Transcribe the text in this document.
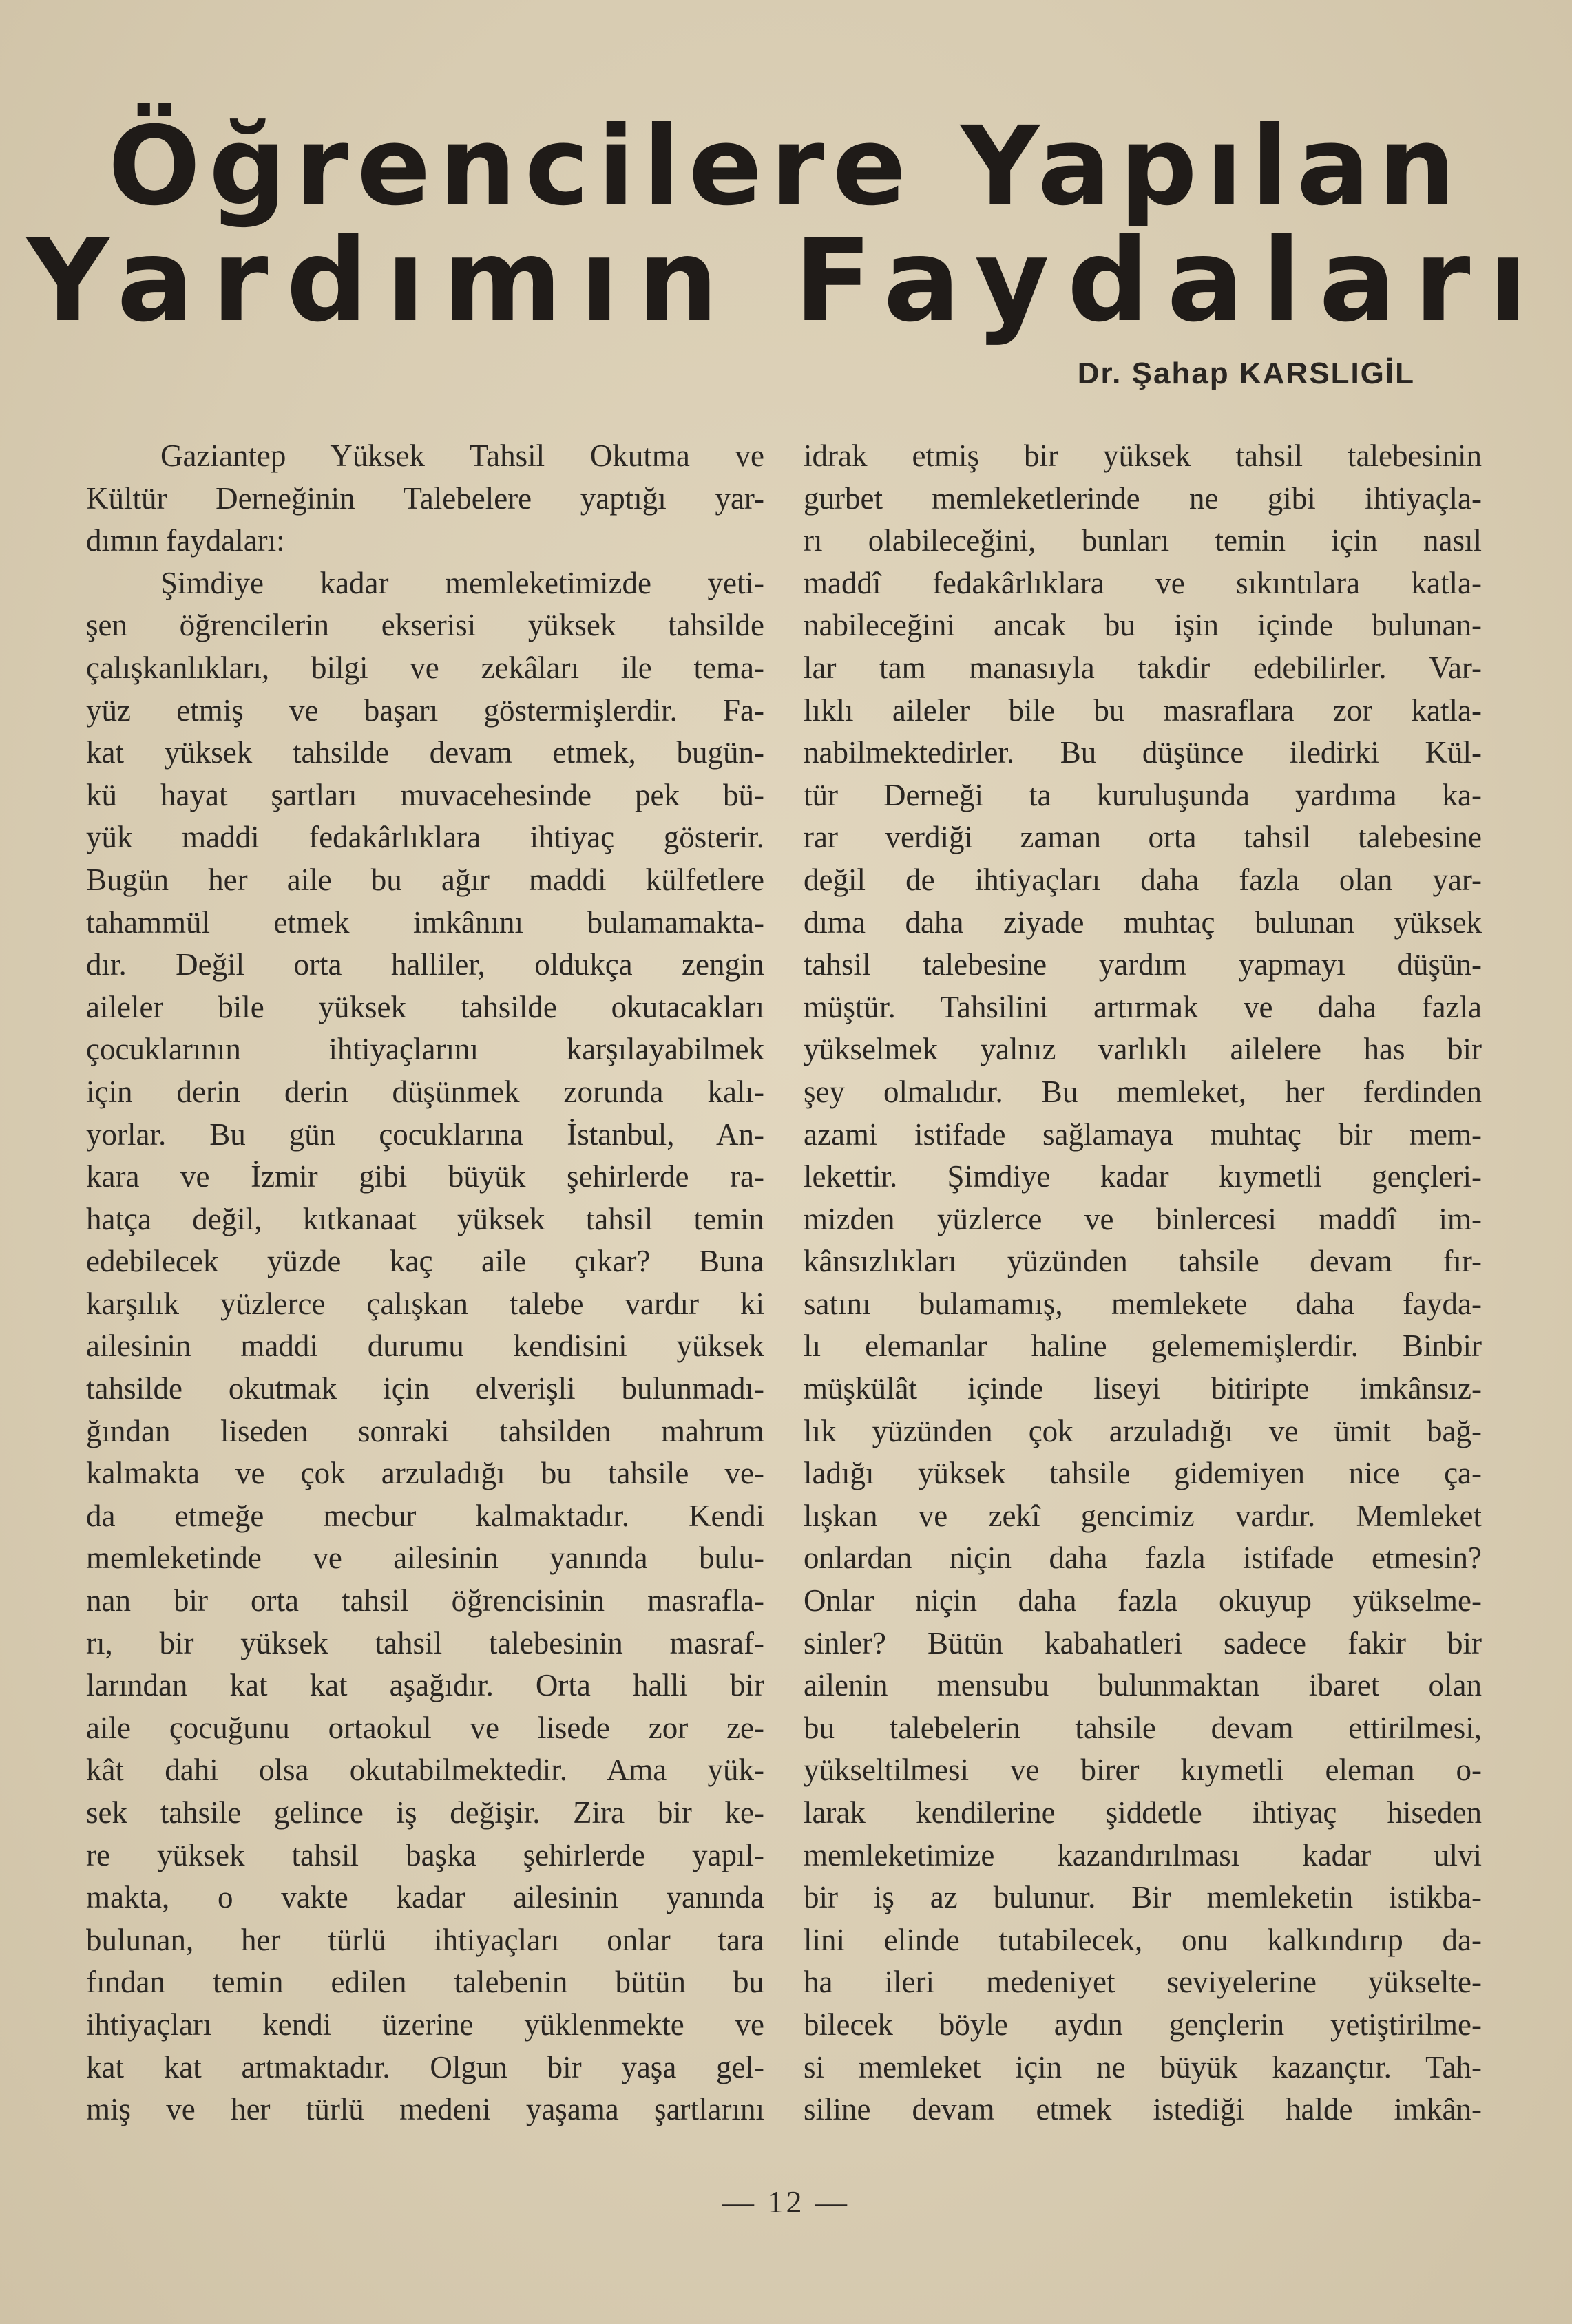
Öğrencilere Yapılan
Yardımın Faydaları
Dr. Şahap KARSLIGİL
Gaziantep Yüksek Tahsil Okutma ve
Kültür Derneğinin Talebelere yaptığı yar-
dımın faydaları:
Şimdiye kadar memleketimizde yeti-
şen öğrencilerin ekserisi yüksek tahsilde
çalışkanlıkları, bilgi ve zekâları ile tema-
yüz etmiş ve başarı göstermişlerdir. Fa-
kat yüksek tahsilde devam etmek, bugün-
kü hayat şartları muvacehesinde pek bü-
yük maddi fedakârlıklara ihtiyaç gösterir.
Bugün her aile bu ağır maddi külfetlere
tahammül etmek imkânını bulamamakta-
dır. Değil orta halliler, oldukça zengin
aileler bile yüksek tahsilde okutacakları
çocuklarının ihtiyaçlarını karşılayabilmek
için derin derin düşünmek zorunda kalı-
yorlar. Bu gün çocuklarına İstanbul, An-
kara ve İzmir gibi büyük şehirlerde ra-
hatça değil, kıtkanaat yüksek tahsil temin
edebilecek yüzde kaç aile çıkar? Buna
karşılık yüzlerce çalışkan talebe vardır ki
ailesinin maddi durumu kendisini yüksek
tahsilde okutmak için elverişli bulunmadı-
ğından liseden sonraki tahsilden mahrum
kalmakta ve çok arzuladığı bu tahsile ve-
da etmeğe mecbur kalmaktadır. Kendi
memleketinde ve ailesinin yanında bulu-
nan bir orta tahsil öğrencisinin masrafla-
rı, bir yüksek tahsil talebesinin masraf-
larından kat kat aşağıdır. Orta halli bir
aile çocuğunu ortaokul ve lisede zor ze-
kât dahi olsa okutabilmektedir. Ama yük-
sek tahsile gelince iş değişir. Zira bir ke-
re yüksek tahsil başka şehirlerde yapıl-
makta, o vakte kadar ailesinin yanında
bulunan, her türlü ihtiyaçları onlar tara
fından temin edilen talebenin bütün bu
ihtiyaçları kendi üzerine yüklenmekte ve
kat kat artmaktadır. Olgun bir yaşa gel-
miş ve her türlü medeni yaşama şartlarını
idrak etmiş bir yüksek tahsil talebesinin
gurbet memleketlerinde ne gibi ihtiyaçla-
rı olabileceğini, bunları temin için nasıl
maddî fedakârlıklara ve sıkıntılara katla-
nabileceğini ancak bu işin içinde bulunan-
lar tam manasıyla takdir edebilirler. Var-
lıklı aileler bile bu masraflara zor katla-
nabilmektedirler. Bu düşünce iledirki Kül-
tür Derneği ta kuruluşunda yardıma ka-
rar verdiği zaman orta tahsil talebesine
değil de ihtiyaçları daha fazla olan yar-
dıma daha ziyade muhtaç bulunan yüksek
tahsil talebesine yardım yapmayı düşün-
müştür. Tahsilini artırmak ve daha fazla
yükselmek yalnız varlıklı ailelere has bir
şey olmalıdır. Bu memleket, her ferdinden
azami istifade sağlamaya muhtaç bir mem-
lekettir. Şimdiye kadar kıymetli gençleri-
mizden yüzlerce ve binlercesi maddî im-
kânsızlıkları yüzünden tahsile devam fır-
satını bulamamış, memlekete daha fayda-
lı elemanlar haline gelememişlerdir. Binbir
müşkülât içinde liseyi bitiripte imkânsız-
lık yüzünden çok arzuladığı ve ümit bağ-
ladığı yüksek tahsile gidemiyen nice ça-
lışkan ve zekî gencimiz vardır. Memleket
onlardan niçin daha fazla istifade etmesin?
Onlar niçin daha fazla okuyup yükselme-
sinler? Bütün kabahatleri sadece fakir bir
ailenin mensubu bulunmaktan ibaret olan
bu talebelerin tahsile devam ettirilmesi,
yükseltilmesi ve birer kıymetli eleman o-
larak kendilerine şiddetle ihtiyaç hiseden
memleketimize kazandırılması kadar ulvi
bir iş az bulunur. Bir memleketin istikba-
lini elinde tutabilecek, onu kalkındırıp da-
ha ileri medeniyet seviyelerine yükselte-
bilecek böyle aydın gençlerin yetiştirilme-
si memleket için ne büyük kazançtır. Tah-
siline devam etmek istediği halde imkân-
— 12 —
